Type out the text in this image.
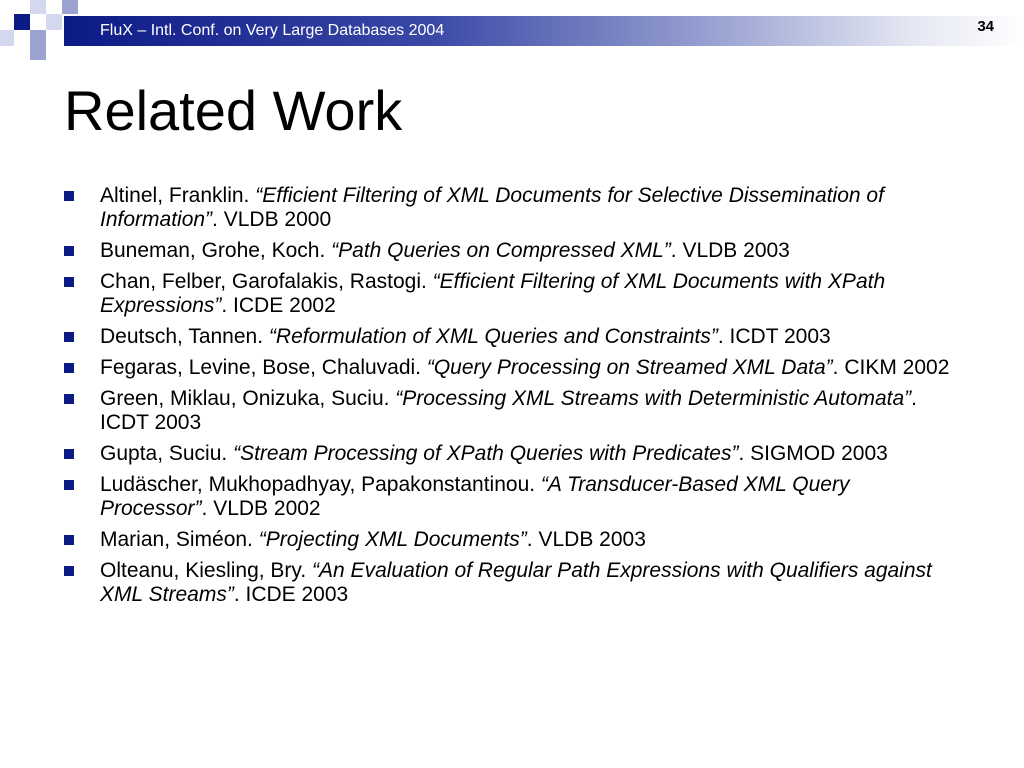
FluX – Intl. Conf. on Very Large Databases 2004	34
Related Work
Altinel, Franklin. “Efficient Filtering of XML Documents for Selective Dissemination of Information”. VLDB 2000
Buneman, Grohe, Koch. “Path Queries on Compressed XML”. VLDB 2003
Chan, Felber, Garofalakis, Rastogi. “Efficient Filtering of XML Documents with XPath Expressions”. ICDE 2002
Deutsch, Tannen. “Reformulation of XML Queries and Constraints”. ICDT 2003
Fegaras, Levine, Bose, Chaluvadi. “Query Processing on Streamed XML Data”. CIKM 2002
Green, Miklau, Onizuka, Suciu. “Processing XML Streams with Deterministic Automata”. ICDT 2003
Gupta, Suciu. “Stream Processing of XPath Queries with Predicates”. SIGMOD 2003
Ludäscher, Mukhopadhyay, Papakonstantinou. “A Transducer-Based XML Query Processor”. VLDB 2002
Marian, Siméon. “Projecting XML Documents”. VLDB 2003
Olteanu, Kiesling, Bry. “An Evaluation of Regular Path Expressions with Qualifiers against XML Streams”. ICDE 2003
